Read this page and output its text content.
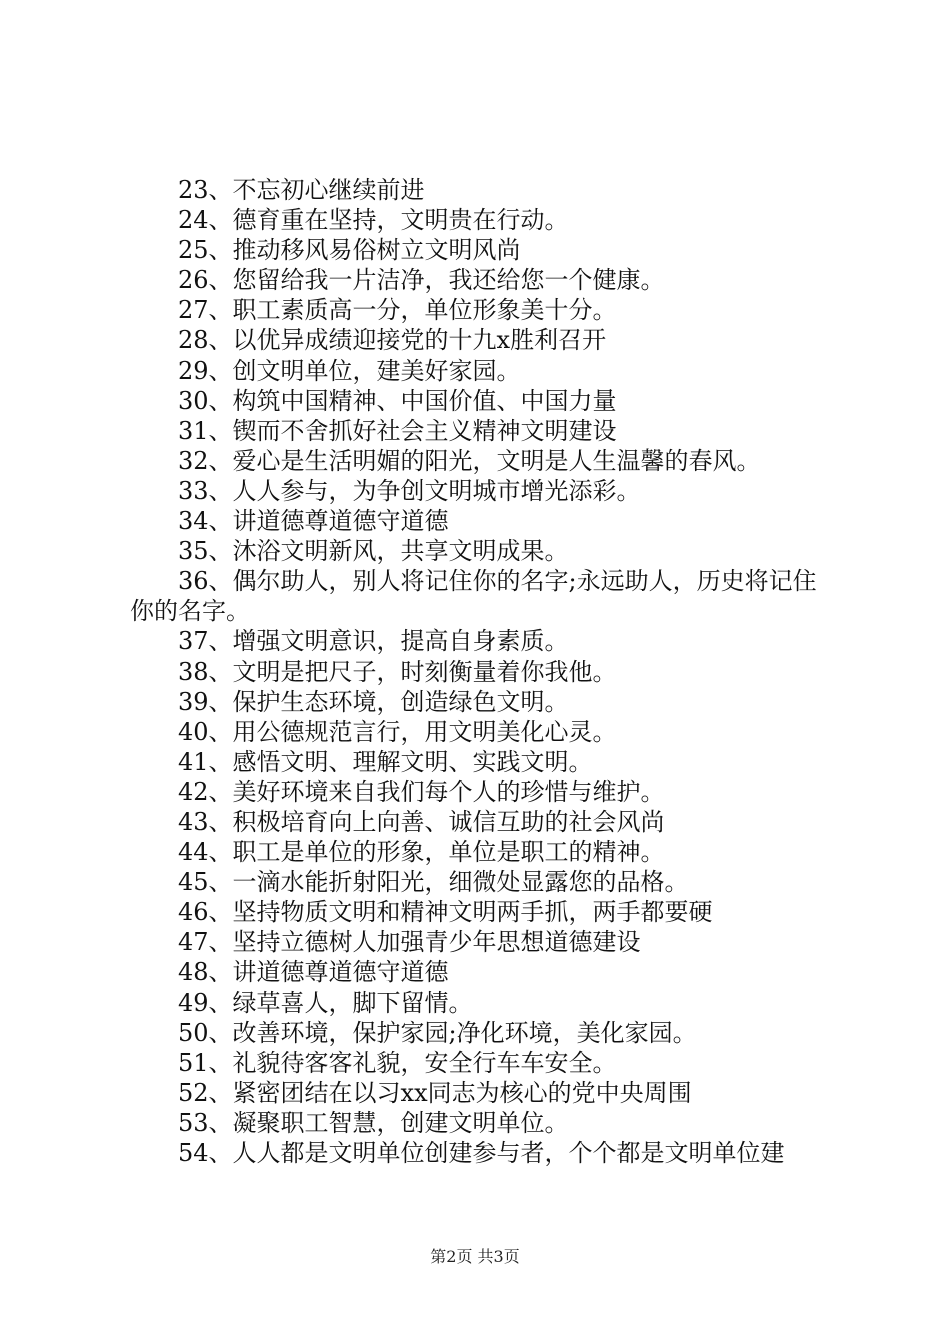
23、不忘初心继续前进

24、德育重在坚持，文明贵在行动。

25、推动移风易俗树立文明风尚

26、您留给我一片洁净，我还给您一个健康。

27、职工素质高一分，单位形象美十分。

28、以优异成绩迎接党的十九x胜利召开

29、创文明单位，建美好家园。

30、构筑中国精神、中国价值、中国力量

31、锲而不舍抓好社会主义精神文明建设

32、爱心是生活明媚的阳光，文明是人生温馨的春风。

33、人人参与，为争创文明城市增光添彩。

34、讲道德尊道德守道德

35、沐浴文明新风，共享文明成果。

36、偶尔助人，别人将记住你的名字;永远助人，历史将记住你的名字。

37、增强文明意识，提高自身素质。

38、文明是把尺子，时刻衡量着你我他。

39、保护生态环境，创造绿色文明。

40、用公德规范言行，用文明美化心灵。

41、感悟文明、理解文明、实践文明。

42、美好环境来自我们每个人的珍惜与维护。

43、积极培育向上向善、诚信互助的社会风尚

44、职工是单位的形象，单位是职工的精神。

45、一滴水能折射阳光，细微处显露您的品格。

46、坚持物质文明和精神文明两手抓，两手都要硬

47、坚持立德树人加强青少年思想道德建设

48、讲道德尊道德守道德

49、绿草喜人，脚下留情。

50、改善环境，保护家园;净化环境，美化家园。

51、礼貌待客客礼貌，安全行车车安全。

52、紧密团结在以习xx同志为核心的党中央周围

53、凝聚职工智慧，创建文明单位。

54、人人都是文明单位创建参与者，个个都是文明单位建

第2页 共3页
